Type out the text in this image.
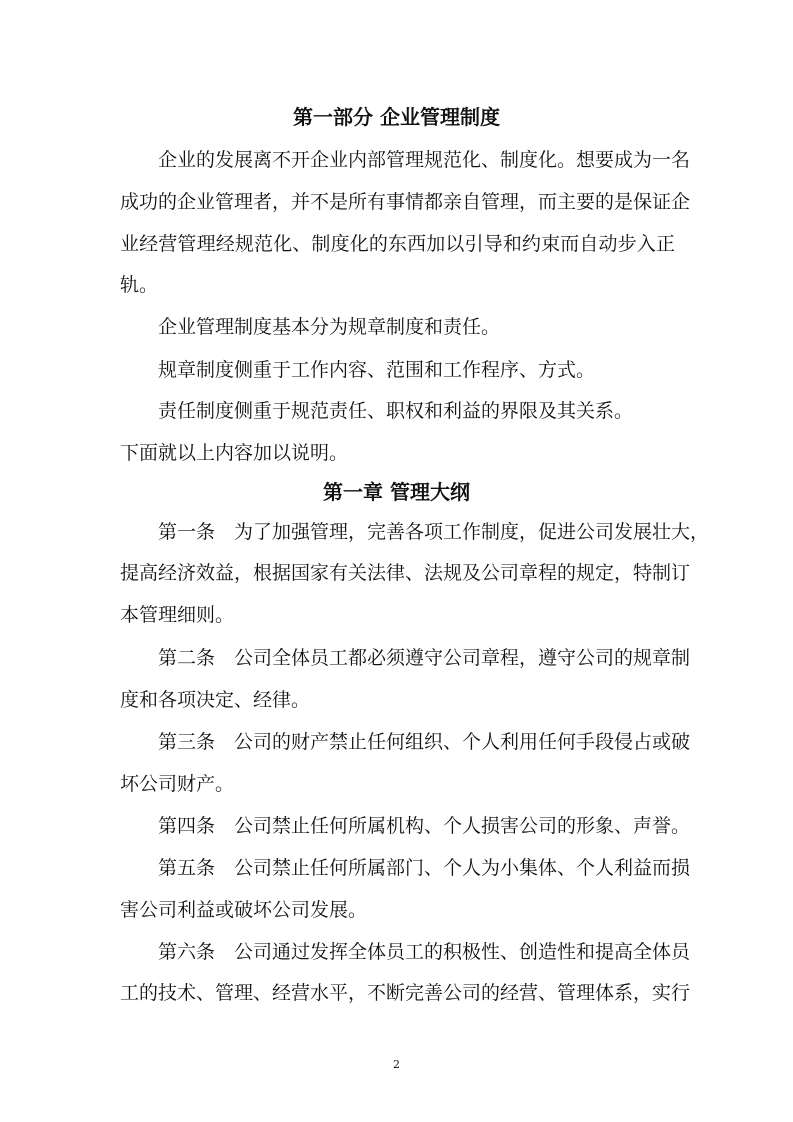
第一部分 企业管理制度
企业的发展离不开企业内部管理规范化、制度化。想要成为一名
成功的企业管理者，并不是所有事情都亲自管理，而主要的是保证企
业经营管理经规范化、制度化的东西加以引导和约束而自动步入正
轨。
企业管理制度基本分为规章制度和责任。
规章制度侧重于工作内容、范围和工作程序、方式。
责任制度侧重于规范责任、职权和利益的界限及其关系。
下面就以上内容加以说明。
第一章 管理大纲
第一条　为了加强管理，完善各项工作制度，促进公司发展壮大，
提高经济效益，根据国家有关法律、法规及公司章程的规定，特制订
本管理细则。
第二条　公司全体员工都必须遵守公司章程，遵守公司的规章制
度和各项决定、经律。
第三条　公司的财产禁止任何组织、个人利用任何手段侵占或破
坏公司财产。
第四条　公司禁止任何所属机构、个人损害公司的形象、声誉。
第五条　公司禁止任何所属部门、个人为小集体、个人利益而损
害公司利益或破坏公司发展。
第六条　公司通过发挥全体员工的积极性、创造性和提高全体员
工的技术、管理、经营水平，不断完善公司的经营、管理体系，实行
2
